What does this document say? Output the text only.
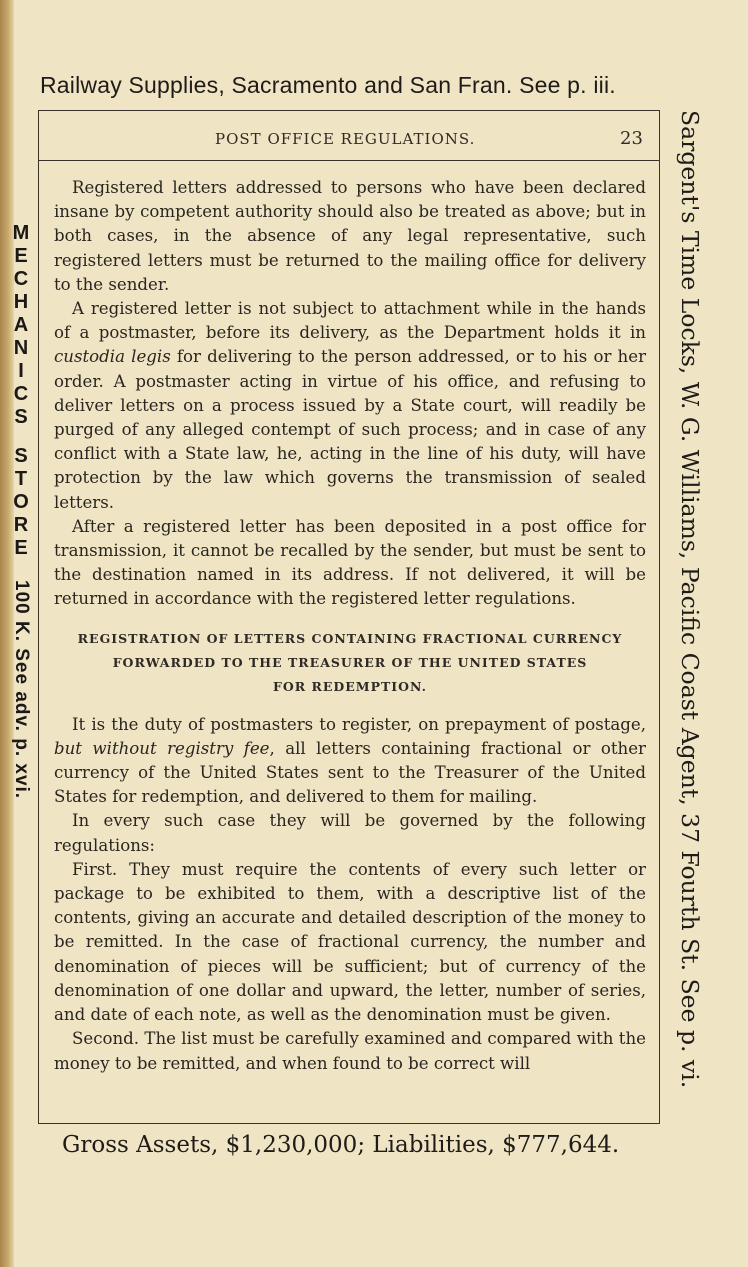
Railway Supplies, Sacramento and San Fran. See p. iii.
POST OFFICE REGULATIONS.	23

Registered letters addressed to persons who have been declared insane by competent authority should also be treated as above; but in both cases, in the absence of any legal representative, such registered letters must be returned to the mailing office for delivery to the sender.

A registered letter is not subject to attachment while in the hands of a postmaster, before its delivery, as the Department holds it in custodia legis for delivering to the person addressed, or to his or her order. A postmaster acting in virtue of his office, and refusing to deliver letters on a process issued by a State court, will readily be purged of any alleged contempt of such process; and in case of any conflict with a State law, he, acting in the line of his duty, will have protection by the law which governs the transmission of sealed letters.

After a registered letter has been deposited in a post office for transmission, it cannot be recalled by the sender, but must be sent to the destination named in its address. If not delivered, it will be returned in accordance with the registered letter regulations.

REGISTRATION OF LETTERS CONTAINING FRACTIONAL CURRENCY
FORWARDED TO THE TREASURER OF THE UNITED STATES
FOR REDEMPTION.

It is the duty of postmasters to register, on prepayment of postage, but without registry fee, all letters containing fractional or other currency of the United States sent to the Treasurer of the United States for redemption, and delivered to them for mailing.

In every such case they will be governed by the following regulations:

First. They must require the contents of every such letter or package to be exhibited to them, with a descriptive list of the contents, giving an accurate and detailed description of the money to be remitted. In the case of fractional currency, the number and denomination of pieces will be sufficient; but of currency of the denomination of one dollar and upward, the letter, number of series, and date of each note, as well as the denomination must be given.

Second. The list must be carefully examined and compared with the money to be remitted, and when found to be correct will

Gross Assets, $1,230,000; Liabilities, $777,644.
M
E
C
H
A
N
I
C
S
S
T
O
R
E
100 K. See adv. p. xvi.	Sargent's Time Locks, W. G. Williams, Pacific Coast Agent, 37 Fourth St. See p. vi.
